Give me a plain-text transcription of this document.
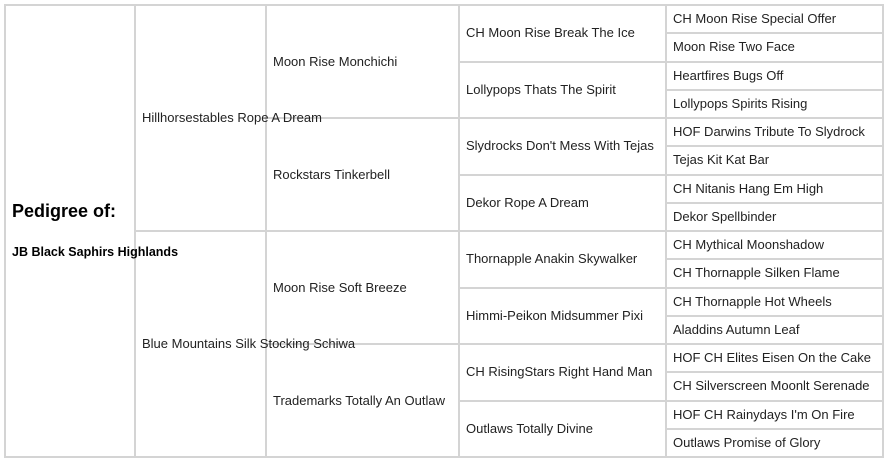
Pedigree of:
JB Black Saphirs Highlands	Hillhorsestables Rope A Dream	Moon Rise Monchichi	CH Moon Rise Break The Ice	CH Moon Rise Special Offer
				Moon Rise Two Face
			Lollypops Thats The Spirit	Heartfires Bugs Off
				Lollypops Spirits Rising
		Rockstars Tinkerbell	Slydrocks Don't Mess With Tejas	HOF Darwins Tribute To Slydrock
				Tejas Kit Kat Bar
			Dekor Rope A Dream	CH Nitanis Hang Em High
				Dekor Spellbinder

	Blue Mountains Silk Stocking Schiwa	Moon Rise Soft Breeze	Thornapple Anakin Skywalker	CH Mythical Moonshadow
				CH Thornapple Silken Flame
			Himmi-Peikon Midsummer Pixi	CH Thornapple Hot Wheels
				Aladdins Autumn Leaf
		Trademarks Totally An Outlaw	CH RisingStars Right Hand Man	HOF CH Elites Eisen On the Cake
				CH Silverscreen Moonlt Serenade
			Outlaws Totally Divine	HOF CH Rainydays I'm On Fire
				Outlaws Promise of Glory
